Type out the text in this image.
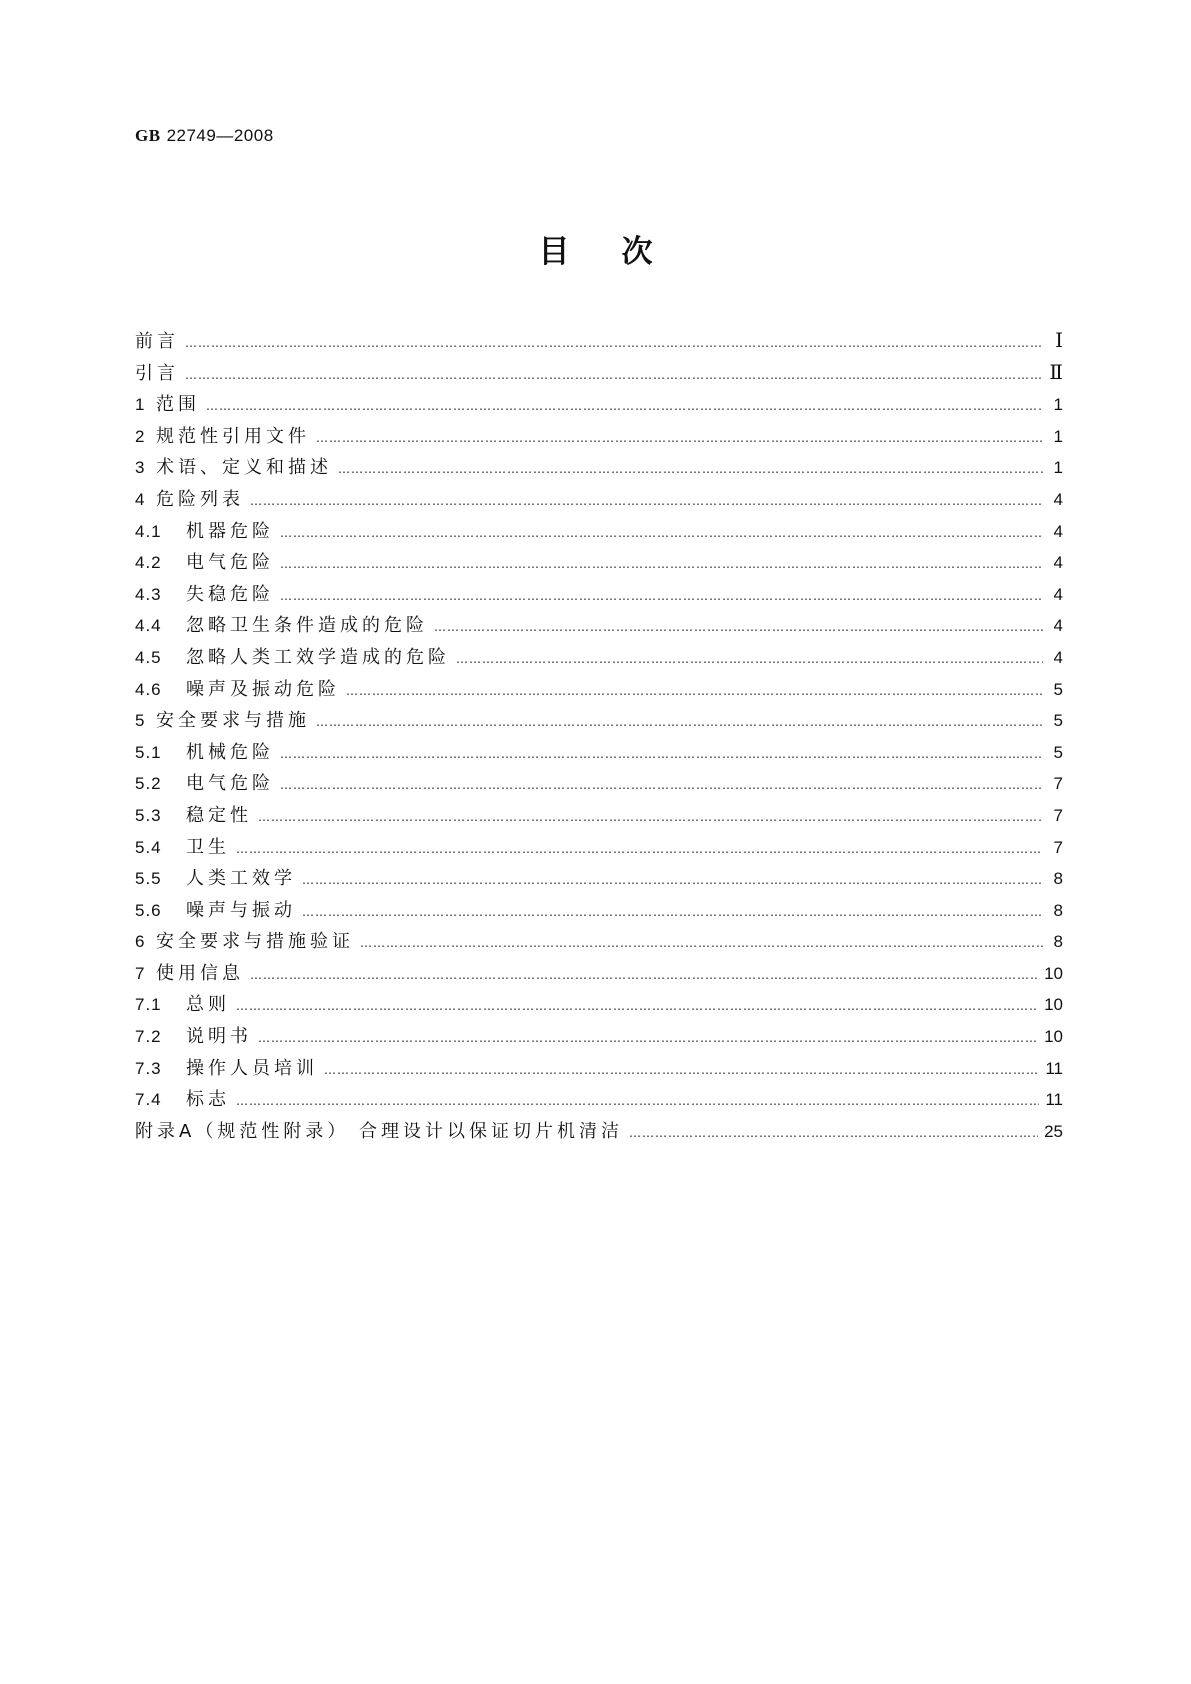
GB 22749—2008
目次
前言 ………………………………………………………………………………………………………………………………………………………………………………………………………………	Ⅰ
引言 ………………………………………………………………………………………………………………………………………………………………………………………………………………	Ⅱ
1 范围 ………………………………………………………………………………………………………………………………………………………………………………………………………………	1
2 规范性引用文件 ………………………………………………………………………………………………………………………………………………………………………………………………………………	1
3 术语、定义和描述 ………………………………………………………………………………………………………………………………………………………………………………………………………………	1
4 危险列表 ………………………………………………………………………………………………………………………………………………………………………………………………………………	4
4.1	机器危险 ………………………………………………………………………………………………………………………………………………………………………………………………………………	4
4.2	电气危险 ………………………………………………………………………………………………………………………………………………………………………………………………………………	4
4.3	失稳危险 ………………………………………………………………………………………………………………………………………………………………………………………………………………	4
4.4	忽略卫生条件造成的危险 ………………………………………………………………………………………………………………………………………………………………………………………………………………	4
4.5	忽略人类工效学造成的危险 ………………………………………………………………………………………………………………………………………………………………………………………………………………	4
4.6	噪声及振动危险 ………………………………………………………………………………………………………………………………………………………………………………………………………………	5
5 安全要求与措施 ………………………………………………………………………………………………………………………………………………………………………………………………………………	5
5.1	机械危险 ………………………………………………………………………………………………………………………………………………………………………………………………………………	5
5.2	电气危险 ………………………………………………………………………………………………………………………………………………………………………………………………………………	7
5.3	稳定性 ………………………………………………………………………………………………………………………………………………………………………………………………………………	7
5.4	卫生 ………………………………………………………………………………………………………………………………………………………………………………………………………………	7
5.5	人类工效学 ………………………………………………………………………………………………………………………………………………………………………………………………………………	8
5.6	噪声与振动 ………………………………………………………………………………………………………………………………………………………………………………………………………………	8
6 安全要求与措施验证 ………………………………………………………………………………………………………………………………………………………………………………………………………………	8
7 使用信息 ………………………………………………………………………………………………………………………………………………………………………………………………………………	10
7.1	总则 ………………………………………………………………………………………………………………………………………………………………………………………………………………	10
7.2	说明书 ………………………………………………………………………………………………………………………………………………………………………………………………………………	10
7.3	操作人员培训 ………………………………………………………………………………………………………………………………………………………………………………………………………………	11
7.4	标志 ………………………………………………………………………………………………………………………………………………………………………………………………………………	11
附录A（规范性附录） 合理设计以保证切片机清洁 ………………………………………………………………………………………………………………………………………………………………………………………………………………	25
